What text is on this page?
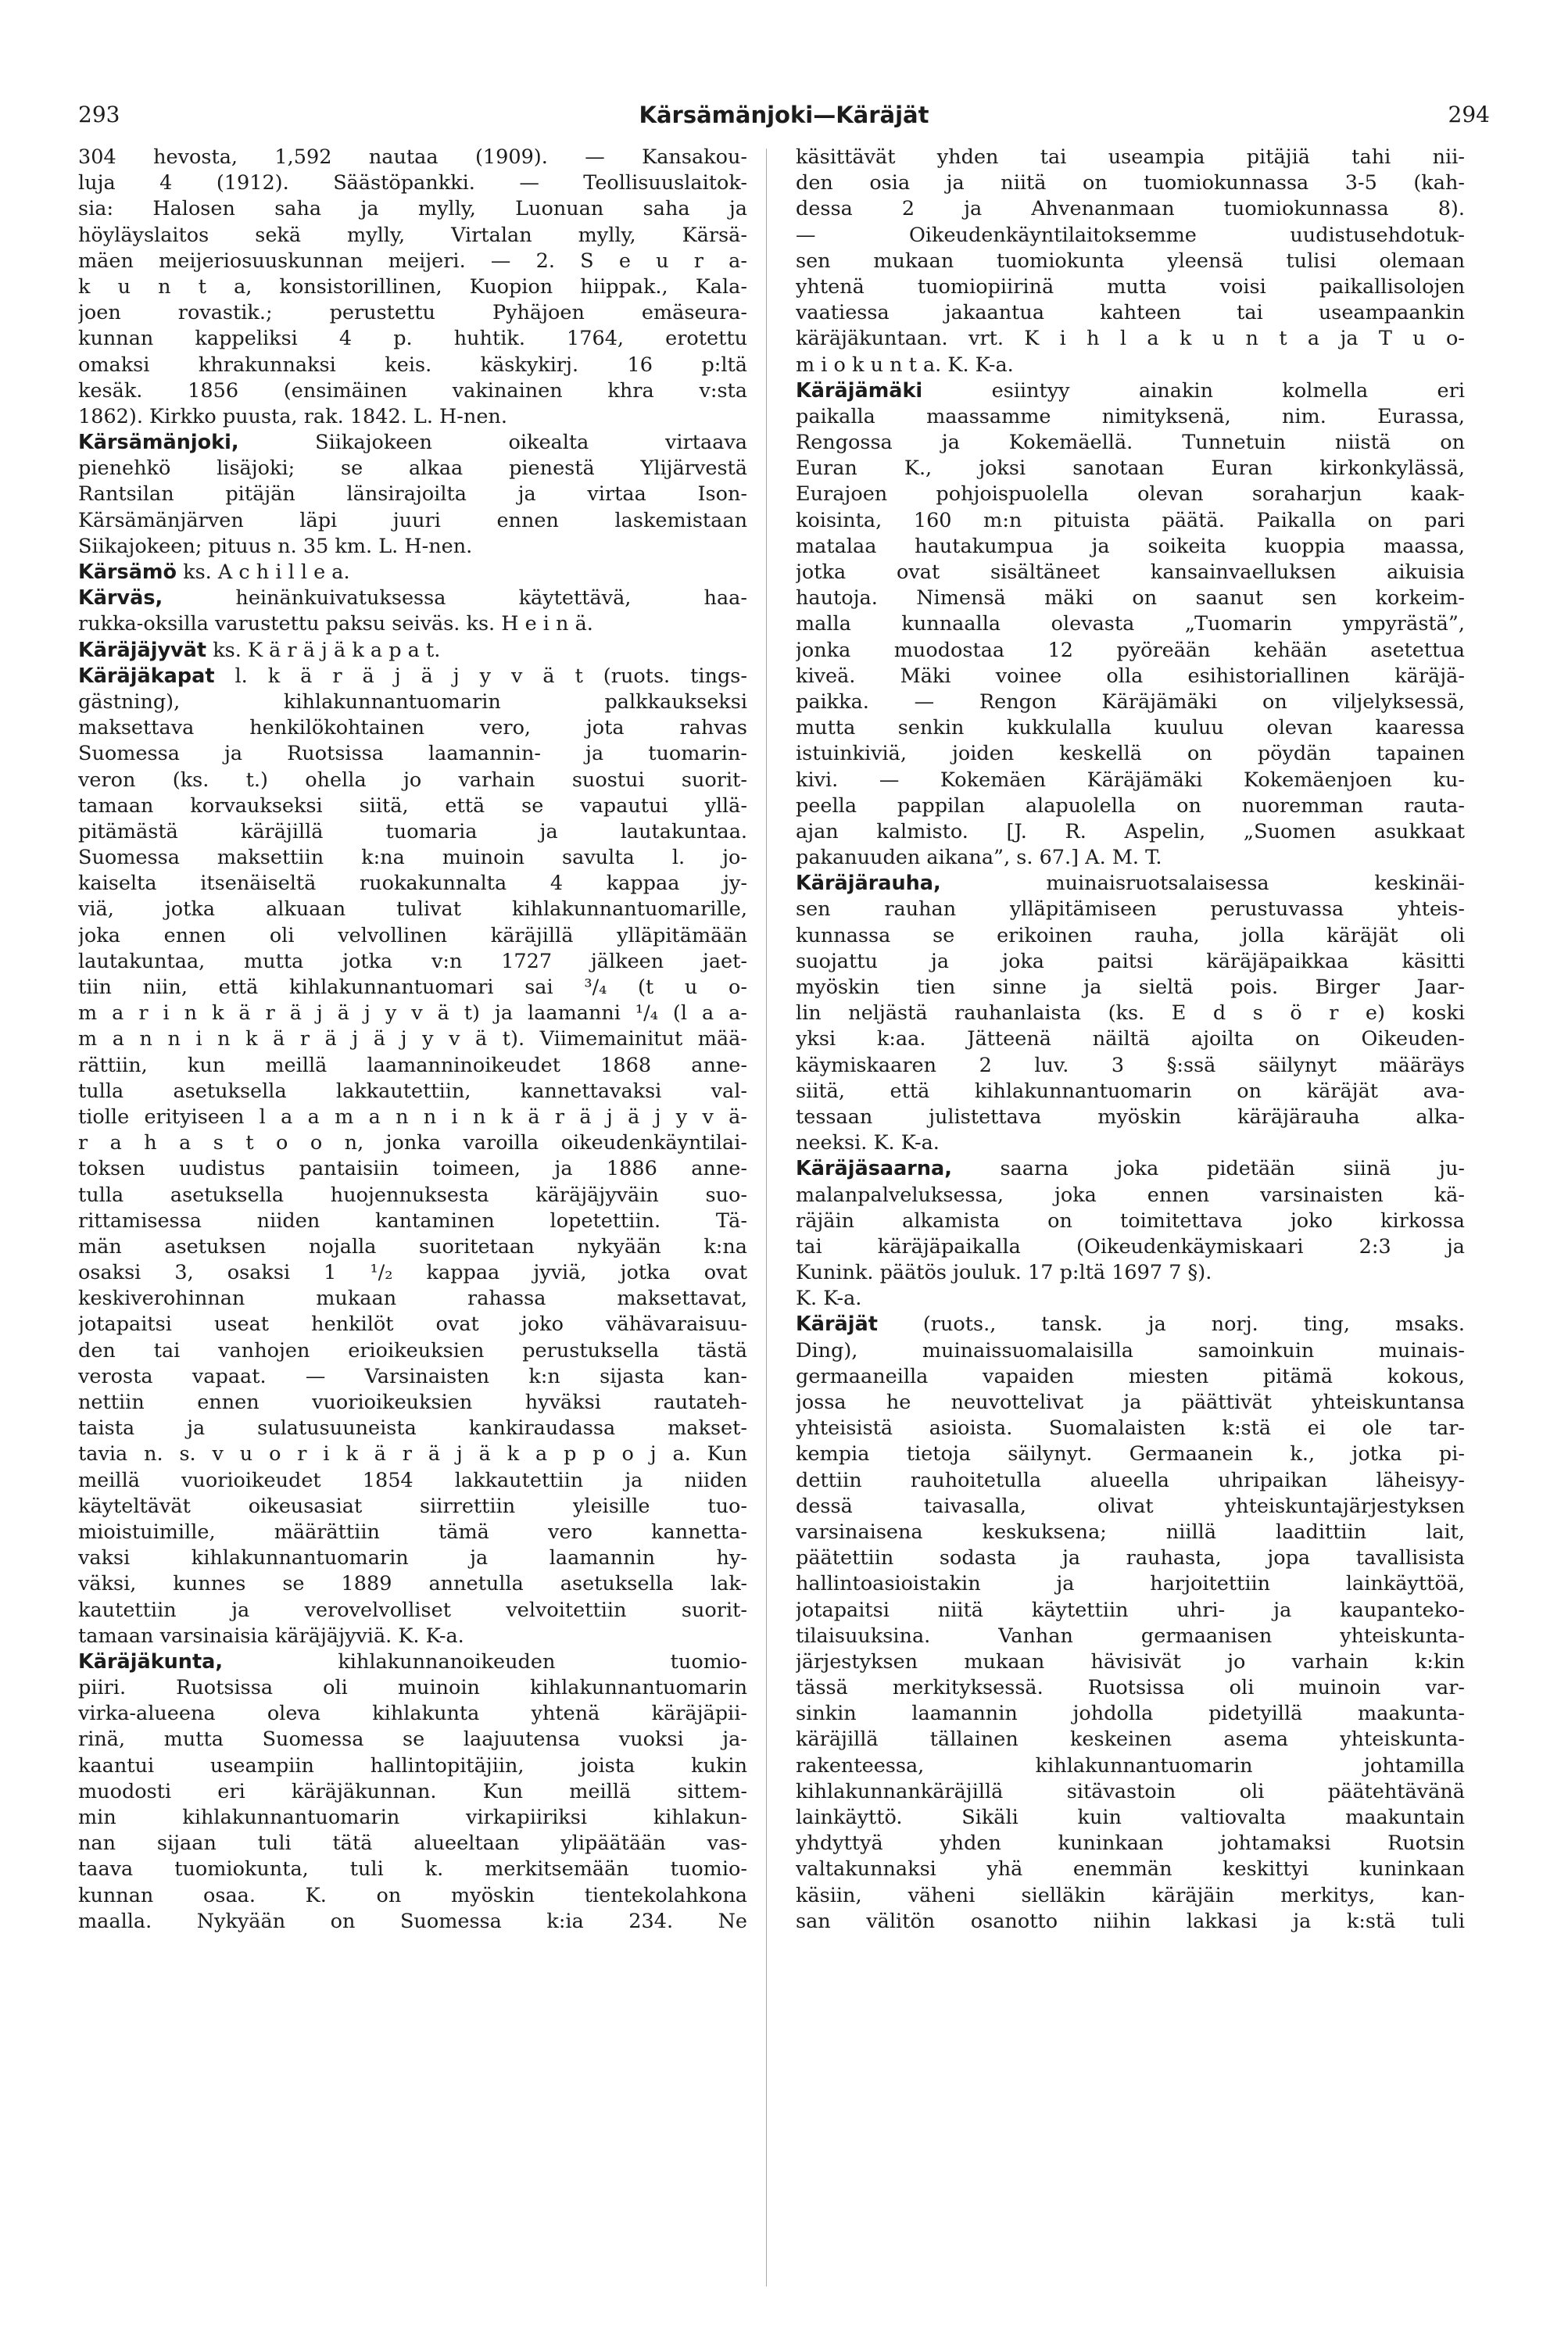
293	Kärsämänjoki—Käräjät	294
304 hevosta, 1,592 nautaa (1909). — Kansakou-
luja 4 (1912). Säästöpankki. — Teollisuuslaitok-
sia: Halosen saha ja mylly, Luonuan saha ja
höyläyslaitos sekä mylly, Virtalan mylly, Kärsä-
mäen meijeriosuuskunnan meijeri. — 2. S e u r a-
k u n t a, konsistorillinen, Kuopion hiippak., Kala-
joen rovastik.; perustettu Pyhäjoen emäseura-
kunnan kappeliksi 4 p. huhtik. 1764, erotettu
omaksi khrakunnaksi keis. käskykirj. 16 p:ltä
kesäk. 1856 (ensimäinen vakinainen khra v:sta
1862). Kirkko puusta, rak. 1842. L. H-nen.
Kärsämänjoki, Siikajokeen oikealta virtaava
pienehkö lisäjoki; se alkaa pienestä Ylijärvestä
Rantsilan pitäjän länsirajoilta ja virtaa Ison-
Kärsämänjärven läpi juuri ennen laskemistaan
Siikajokeen; pituus n. 35 km. L. H-nen.
Kärsämö ks. A c h i l l e a.
Kärväs, heinänkuivatuksessa käytettävä, haa-
rukka-oksilla varustettu paksu seiväs. ks. H e i n ä.
Käräjäjyvät ks. K ä r ä j ä k a p a t.
Käräjäkapat l. k ä r ä j ä j y v ä t (ruots. tings-
gästning), kihlakunnantuomarin palkkaukseksi
maksettava henkilökohtainen vero, jota rahvas
Suomessa ja Ruotsissa laamannin- ja tuomarin-
veron (ks. t.) ohella jo varhain suostui suorit-
tamaan korvaukseksi siitä, että se vapautui yllä-
pitämästä käräjillä tuomaria ja lautakuntaa.
Suomessa maksettiin k:na muinoin savulta l. jo-
kaiselta itsenäiseltä ruokakunnalta 4 kappaa jy-
viä, jotka alkuaan tulivat kihlakunnantuomarille,
joka ennen oli velvollinen käräjillä ylläpitämään
lautakuntaa, mutta jotka v:n 1727 jälkeen jaet-
tiin niin, että kihlakunnantuomari sai ³/₄ (t u o-
m a r i n k ä r ä j ä j y v ä t) ja laamanni ¹/₄ (l a a-
m a n n i n k ä r ä j ä j y v ä t). Viimemainitut mää-
rättiin, kun meillä laamanninoikeudet 1868 anne-
tulla asetuksella lakkautettiin, kannettavaksi val-
tiolle erityiseen l a a m a n n i n k ä r ä j ä j y v ä-
r a h a s t o o n, jonka varoilla oikeudenkäyntilai-
toksen uudistus pantaisiin toimeen, ja 1886 anne-
tulla asetuksella huojennuksesta käräjäjyväin suo-
rittamisessa niiden kantaminen lopetettiin. Tä-
män asetuksen nojalla suoritetaan nykyään k:na
osaksi 3, osaksi 1 ¹/₂ kappaa jyviä, jotka ovat
keskiverohinnan mukaan rahassa maksettavat,
jotapaitsi useat henkilöt ovat joko vähävaraisuu-
den tai vanhojen erioikeuksien perustuksella tästä
verosta vapaat. — Varsinaisten k:n sijasta kan-
nettiin ennen vuorioikeuksien hyväksi rautateh-
taista ja sulatusuuneista kankiraudassa makset-
tavia n. s. v u o r i k ä r ä j ä k a p p o j a. Kun
meillä vuorioikeudet 1854 lakkautettiin ja niiden
käyteltävät oikeusasiat siirrettiin yleisille tuo-
mioistuimille, määrättiin tämä vero kannetta-
vaksi kihlakunnantuomarin ja laamannin hy-
väksi, kunnes se 1889 annetulla asetuksella lak-
kautettiin ja verovelvolliset velvoitettiin suorit-
tamaan varsinaisia käräjäjyviä. K. K-a.
Käräjäkunta, kihlakunnanoikeuden tuomio-
piiri. Ruotsissa oli muinoin kihlakunnantuomarin
virka-alueena oleva kihlakunta yhtenä käräjäpii-
rinä, mutta Suomessa se laajuutensa vuoksi ja-
kaantui useampiin hallintopitäjiin, joista kukin
muodosti eri käräjäkunnan. Kun meillä sittem-
min kihlakunnantuomarin virkapiiriksi kihlakun-
nan sijaan tuli tätä alueeltaan ylipäätään vas-
taava tuomiokunta, tuli k. merkitsemään tuomio-
kunnan osaa. K. on myöskin tientekolahkona
maalla. Nykyään on Suomessa k:ia 234. Ne
käsittävät yhden tai useampia pitäjiä tahi nii-
den osia ja niitä on tuomiokunnassa 3-5 (kah-
dessa 2 ja Ahvenanmaan tuomiokunnassa 8).
— Oikeudenkäyntilaitoksemme uudistusehdotuk-
sen mukaan tuomiokunta yleensä tulisi olemaan
yhtenä tuomiopiirinä mutta voisi paikallisolojen
vaatiessa jakaantua kahteen tai useampaankin
käräjäkuntaan. vrt. K i h l a k u n t a ja T u o-
m i o k u n t a. K. K-a.
Käräjämäki esiintyy ainakin kolmella eri
paikalla maassamme nimityksenä, nim. Eurassa,
Rengossa ja Kokemäellä. Tunnetuin niistä on
Euran K., joksi sanotaan Euran kirkonkylässä,
Eurajoen pohjoispuolella olevan soraharjun kaak-
koisinta, 160 m:n pituista päätä. Paikalla on pari
matalaa hautakumpua ja soikeita kuoppia maassa,
jotka ovat sisältäneet kansainvaelluksen aikuisia
hautoja. Nimensä mäki on saanut sen korkeim-
malla kunnaalla olevasta „Tuomarin ympyrästä”,
jonka muodostaa 12 pyöreään kehään asetettua
kiveä. Mäki voinee olla esihistoriallinen käräjä-
paikka. — Rengon Käräjämäki on viljelyksessä,
mutta senkin kukkulalla kuuluu olevan kaaressa
istuinkiviä, joiden keskellä on pöydän tapainen
kivi. — Kokemäen Käräjämäki Kokemäenjoen ku-
peella pappilan alapuolella on nuoremman rauta-
ajan kalmisto. [J. R. Aspelin, „Suomen asukkaat
pakanuuden aikana”, s. 67.] A. M. T.
Käräjärauha, muinaisruotsalaisessa keskinäi-
sen rauhan ylläpitämiseen perustuvassa yhteis-
kunnassa se erikoinen rauha, jolla käräjät oli
suojattu ja joka paitsi käräjäpaikkaa käsitti
myöskin tien sinne ja sieltä pois. Birger Jaar-
lin neljästä rauhanlaista (ks. E d s ö r e) koski
yksi k:aa. Jätteenä näiltä ajoilta on Oikeuden-
käymiskaaren 2 luv. 3 §:ssä säilynyt määräys
siitä, että kihlakunnantuomarin on käräjät ava-
tessaan julistettava myöskin käräjärauha alka-
neeksi. K. K-a.
Käräjäsaarna, saarna joka pidetään siinä ju-
malanpalveluksessa, joka ennen varsinaisten kä-
räjäin alkamista on toimitettava joko kirkossa
tai käräjäpaikalla (Oikeudenkäymiskaari 2:3 ja
Kunink. päätös jouluk. 17 p:ltä 1697 7 §).
K. K-a.
Käräjät (ruots., tansk. ja norj. ting, msaks.
Ding), muinaissuomalaisilla samoinkuin muinais-
germaaneilla vapaiden miesten pitämä kokous,
jossa he neuvottelivat ja päättivät yhteiskuntansa
yhteisistä asioista. Suomalaisten k:stä ei ole tar-
kempia tietoja säilynyt. Germaanein k., jotka pi-
dettiin rauhoitetulla alueella uhripaikan läheisyy-
dessä taivasalla, olivat yhteiskuntajärjestyksen
varsinaisena keskuksena; niillä laadittiin lait,
päätettiin sodasta ja rauhasta, jopa tavallisista
hallintoasioistakin ja harjoitettiin lainkäyttöä,
jotapaitsi niitä käytettiin uhri- ja kaupanteko-
tilaisuuksina. Vanhan germaanisen yhteiskunta-
järjestyksen mukaan hävisivät jo varhain k:kin
tässä merkityksessä. Ruotsissa oli muinoin var-
sinkin laamannin johdolla pidetyillä maakunta-
käräjillä tällainen keskeinen asema yhteiskunta-
rakenteessa, kihlakunnantuomarin johtamilla
kihlakunnankäräjillä sitävastoin oli päätehtävänä
lainkäyttö. Sikäli kuin valtiovalta maakuntain
yhdyttyä yhden kuninkaan johtamaksi Ruotsin
valtakunnaksi yhä enemmän keskittyi kuninkaan
käsiin, väheni sielläkin käräjäin merkitys, kan-
san välitön osanotto niihin lakkasi ja k:stä tuli
